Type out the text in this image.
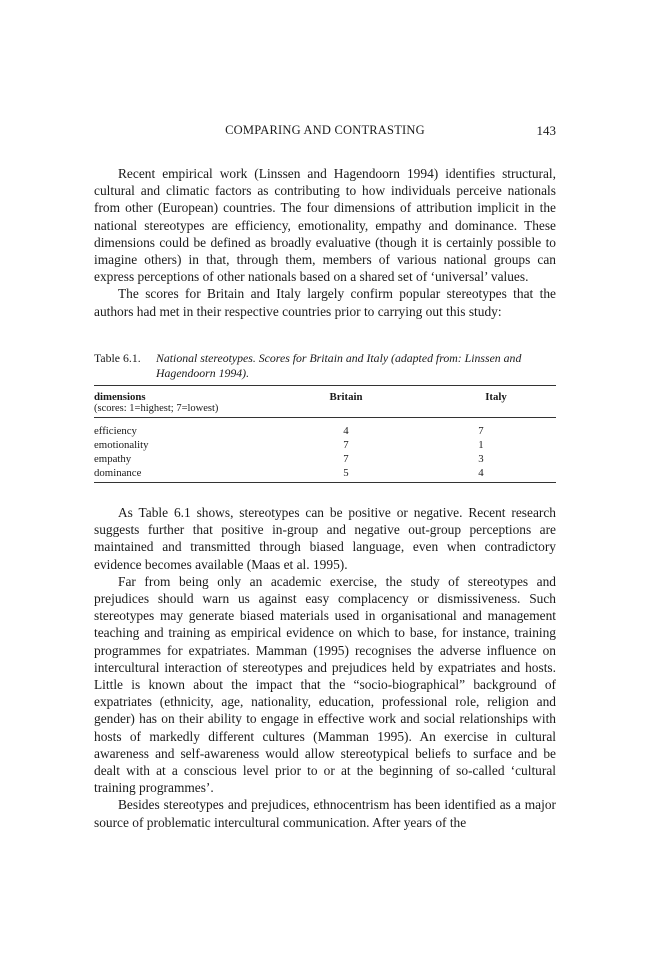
COMPARING AND CONTRASTING	143

Recent empirical work (Linssen and Hagendoorn 1994) identifies structural, cultural and climatic factors as contributing to how individuals perceive nationals from other (European) countries. The four dimensions of attribution implicit in the national stereotypes are efficiency, emotionality, empathy and dominance. These dimensions could be defined as broadly evaluative (though it is certainly possible to imagine others) in that, through them, members of various national groups can express perceptions of other nationals based on a shared set of ‘universal’ values.

The scores for Britain and Italy largely confirm popular stereotypes that the authors had met in their respective countries prior to carrying out this study:

Table 6.1.	National stereotypes. Scores for Britain and Italy (adapted from: Linssen and Hagendoorn 1994).
dimensions	Britain	Italy
(scores: 1=highest; 7=lowest)		
efficiency	4	7
emotionality	7	1
empathy	7	3
dominance	5	4

As Table 6.1 shows, stereotypes can be positive or negative. Recent research suggests further that positive in-group and negative out-group perceptions are maintained and transmitted through biased language, even when contradictory evidence becomes available (Maas et al. 1995).

Far from being only an academic exercise, the study of stereotypes and prejudices should warn us against easy complacency or dismissiveness. Such stereotypes may generate biased materials used in organisational and management teaching and training as empirical evidence on which to base, for instance, training programmes for expatriates. Mamman (1995) recognises the adverse influence on intercultural interaction of stereotypes and prejudices held by expatriates and hosts. Little is known about the impact that the “socio-biographical” background of expatriates (ethnicity, age, nationality, education, professional role, religion and gender) has on their ability to engage in effective work and social relationships with hosts of markedly different cultures (Mamman 1995). An exercise in cultural awareness and self-awareness would allow stereotypical beliefs to surface and be dealt with at a conscious level prior to or at the beginning of so-called ‘cultural training programmes’.

Besides stereotypes and prejudices, ethnocentrism has been identified as a major source of problematic intercultural communication. After years of the
